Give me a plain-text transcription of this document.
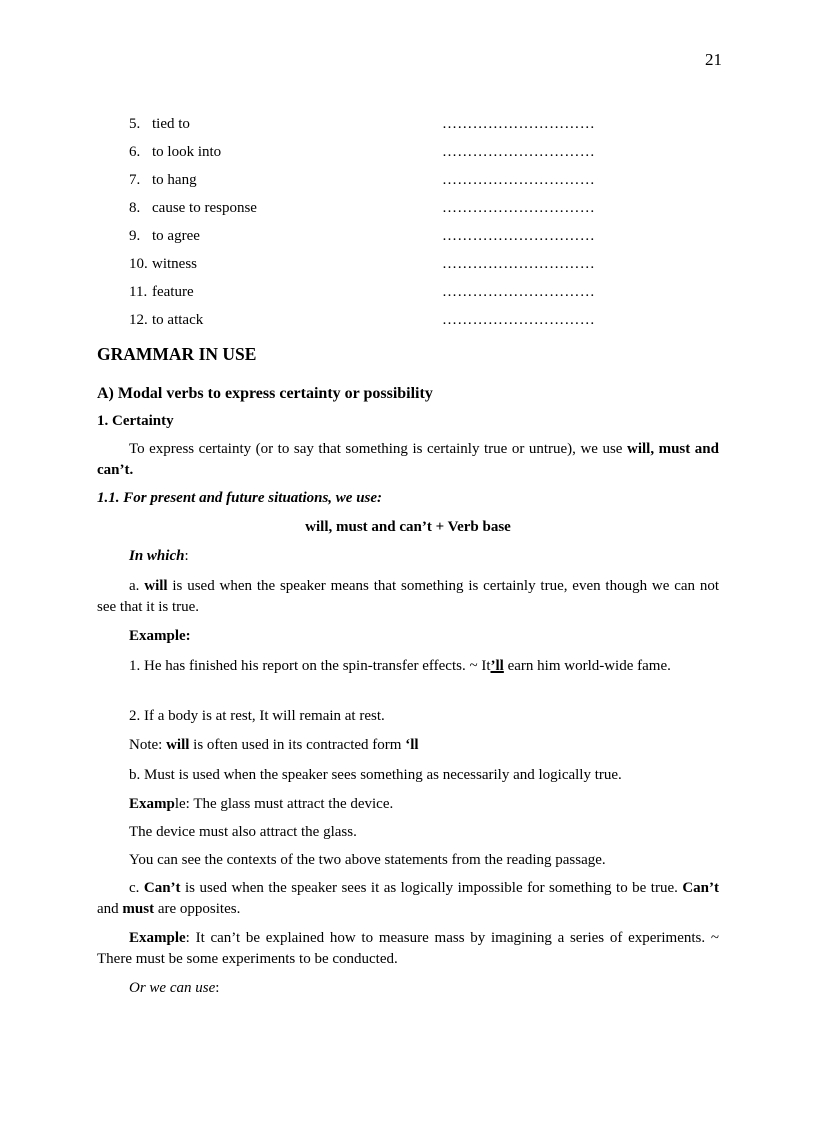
21
5. tied to	…………………………
6. to look into	…………………………
7. to hang	…………………………
8. cause to response	…………………………
9. to agree	…………………………
10. witness	…………………………
11. feature	…………………………
12. to attack	…………………………
GRAMMAR IN USE
A) Modal verbs to express certainty or possibility
1. Certainty
To express certainty (or to say that something is certainly true or untrue), we use will, must and can’t.
1.1. For present and future situations, we use:
will, must and can’t + Verb base
In which:
a. will is used when the speaker means that something is certainly true, even though we can not see that it is true.
Example:
1. He has finished his report on the spin-transfer effects. ~ It’ll earn him world-wide fame.
2. If a body is at rest, It will remain at rest.
Note: will is often used in its contracted form ‘ll
b. Must is used when the speaker sees something as necessarily and logically true.
Example: The glass must attract the device.
The device must also attract the glass.
You can see the contexts of the two above statements from the reading passage.
c. Can’t is used when the speaker sees it as logically impossible for something to be true. Can’t and must are opposites.
Example: It can’t be explained how to measure mass by imagining a series of experiments. ~ There must be some experiments to be conducted.
Or we can use:
